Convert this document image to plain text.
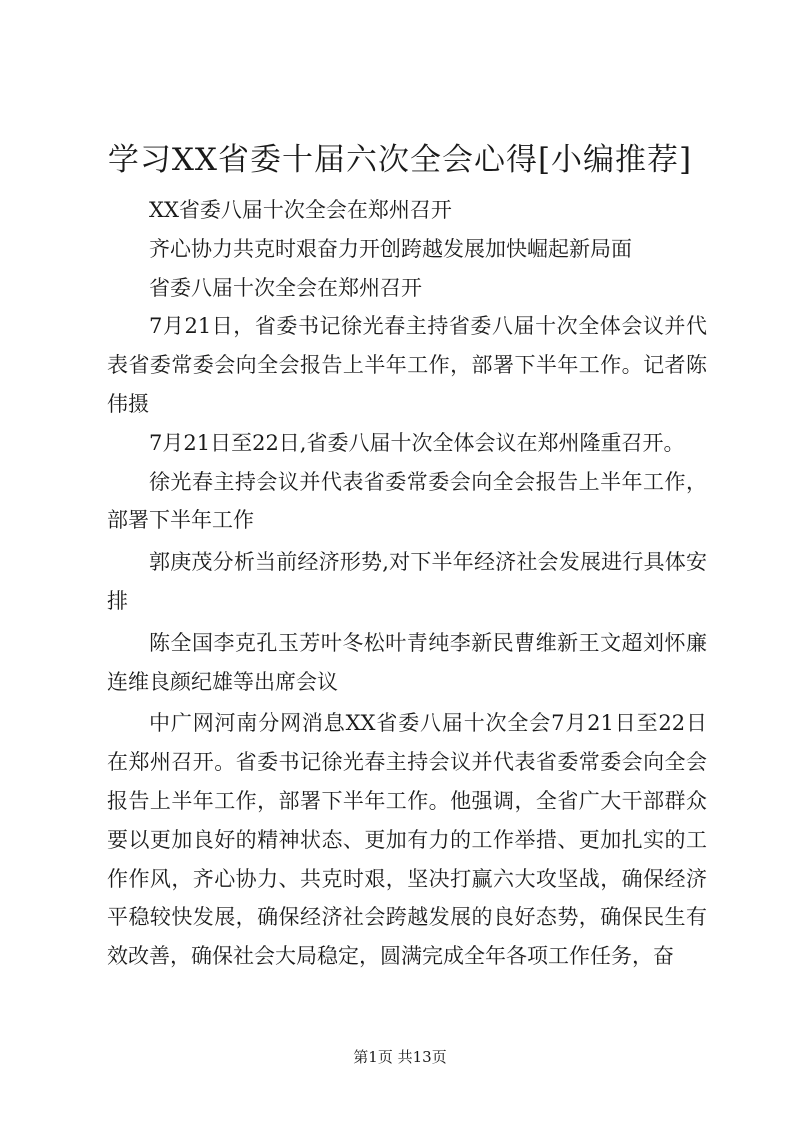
学习XX省委十届六次全会心得[小编推荐]

XX省委八届十次全会在郑州召开

齐心协力共克时艰奋力开创跨越发展加快崛起新局面

省委八届十次全会在郑州召开

7月21日，省委书记徐光春主持省委八届十次全体会议并代表省委常委会向全会报告上半年工作，部署下半年工作。记者陈伟摄

7月21日至22日,省委八届十次全体会议在郑州隆重召开。

徐光春主持会议并代表省委常委会向全会报告上半年工作，部署下半年工作

郭庚茂分析当前经济形势,对下半年经济社会发展进行具体安排

陈全国李克孔玉芳叶冬松叶青纯李新民曹维新王文超刘怀廉连维良颜纪雄等出席会议

中广网河南分网消息XX省委八届十次全会7月21日至22日在郑州召开。省委书记徐光春主持会议并代表省委常委会向全会报告上半年工作，部署下半年工作。他强调，全省广大干部群众要以更加良好的精神状态、更加有力的工作举措、更加扎实的工作作风，齐心协力、共克时艰，坚决打赢六大攻坚战，确保经济平稳较快发展，确保经济社会跨越发展的良好态势，确保民生有效改善，确保社会大局稳定，圆满完成全年各项工作任务，奋

第1页 共13页
